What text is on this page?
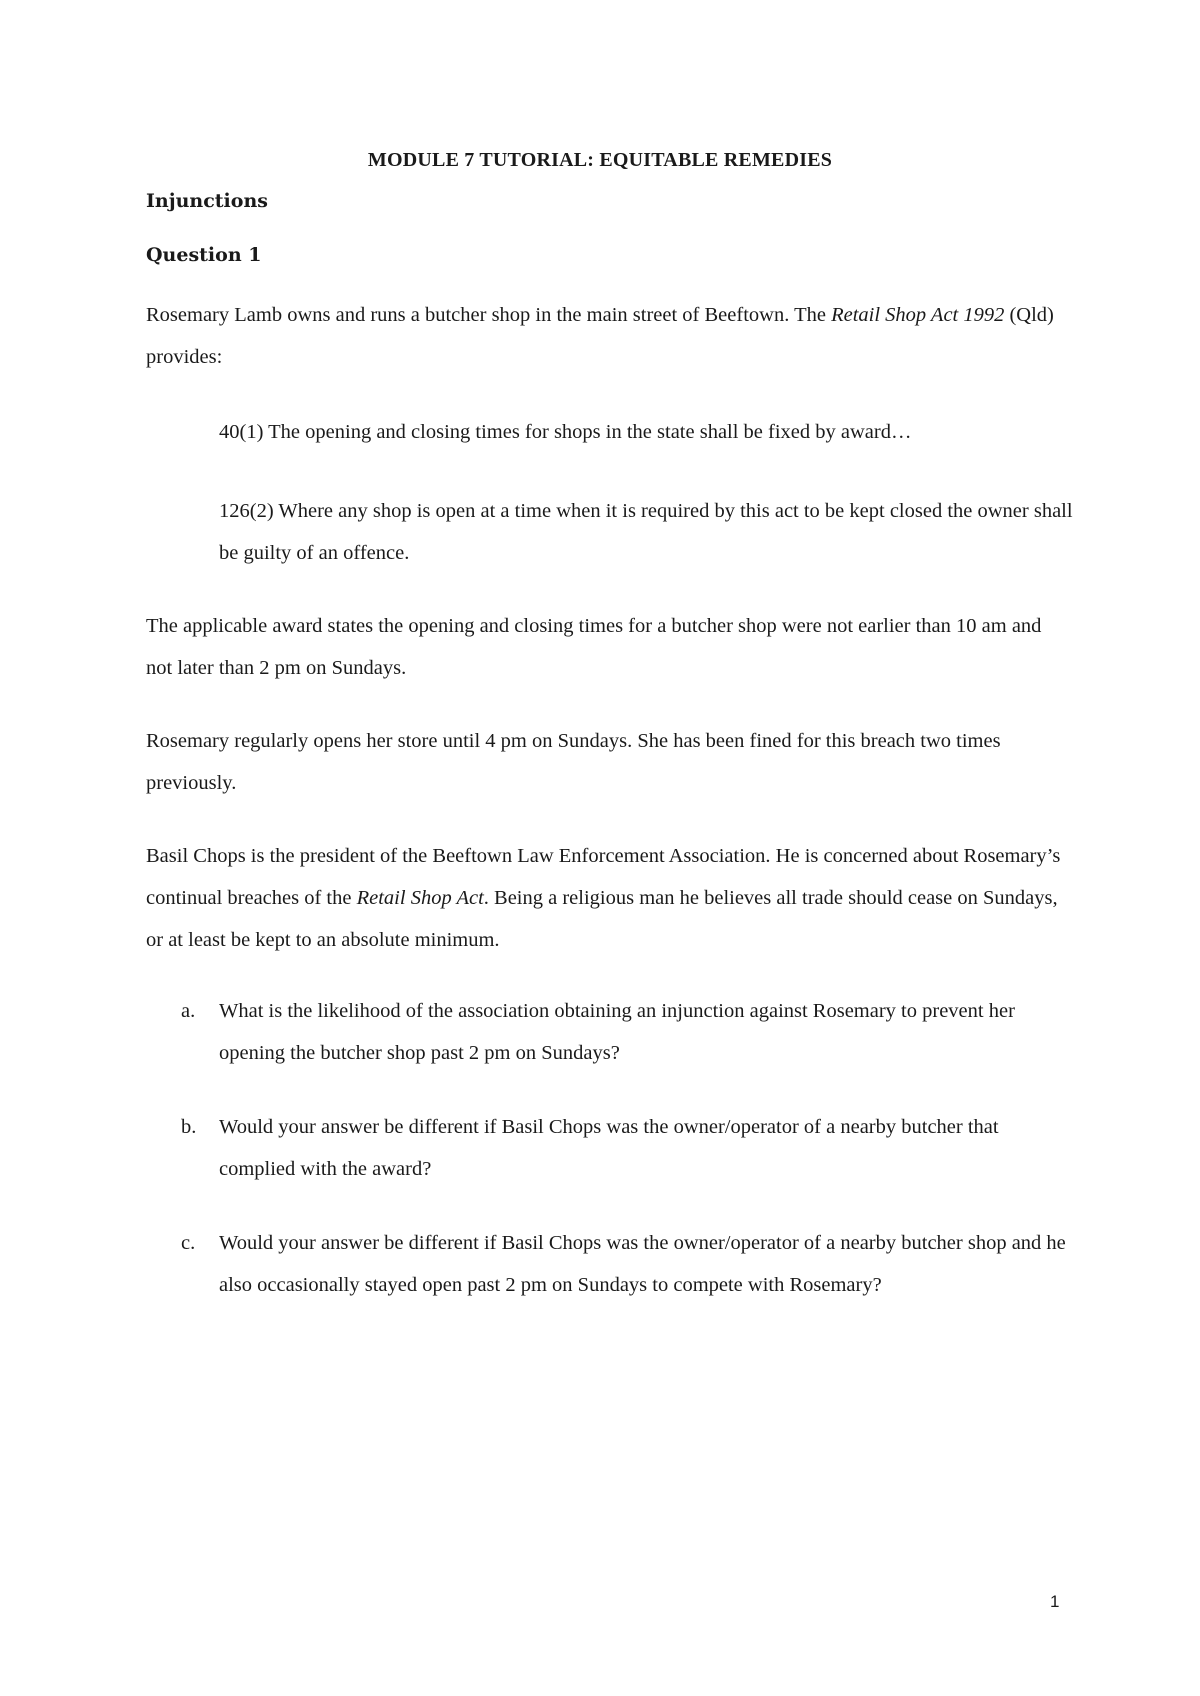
MODULE 7 TUTORIAL: EQUITABLE REMEDIES
Injunctions
Question 1
Rosemary Lamb owns and runs a butcher shop in the main street of Beeftown. The Retail Shop Act 1992 (Qld) provides:
40(1) The opening and closing times for shops in the state shall be fixed by award…
126(2) Where any shop is open at a time when it is required by this act to be kept closed the owner shall be guilty of an offence.
The applicable award states the opening and closing times for a butcher shop were not earlier than 10 am and not later than 2 pm on Sundays.
Rosemary regularly opens her store until 4 pm on Sundays. She has been fined for this breach two times previously.
Basil Chops is the president of the Beeftown Law Enforcement Association. He is concerned about Rosemary’s continual breaches of the Retail Shop Act. Being a religious man he believes all trade should cease on Sundays, or at least be kept to an absolute minimum.
a. What is the likelihood of the association obtaining an injunction against Rosemary to prevent her opening the butcher shop past 2 pm on Sundays?
b. Would your answer be different if Basil Chops was the owner/operator of a nearby butcher that complied with the award?
c. Would your answer be different if Basil Chops was the owner/operator of a nearby butcher shop and he also occasionally stayed open past 2 pm on Sundays to compete with Rosemary?
1
